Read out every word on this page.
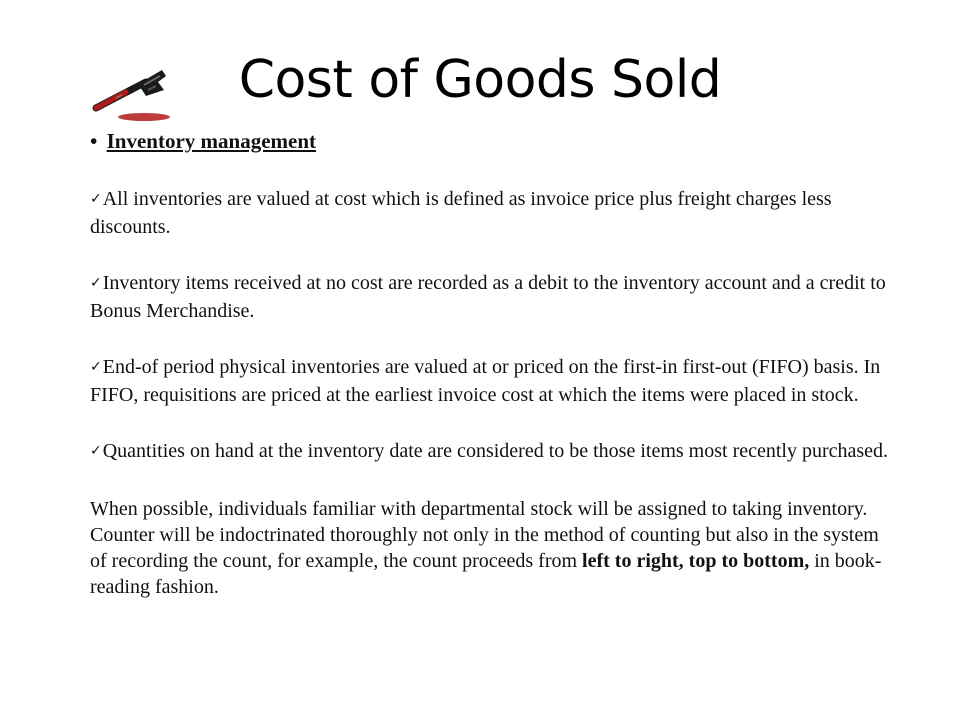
Cost of Goods Sold
• Inventory management

✓All inventories are valued at cost which is defined as invoice price plus freight charges less discounts.

✓Inventory items received at no cost are recorded as a debit to the inventory account and a credit to Bonus Merchandise.

✓End-of period physical inventories are valued at or priced on the first-in first-out (FIFO) basis. In FIFO, requisitions are priced at the earliest invoice cost at which the items were placed in stock.

✓Quantities on hand at the inventory date are considered to be those items most recently purchased.

When possible, individuals familiar with departmental stock will be assigned to taking inventory. Counter will be indoctrinated thoroughly not only in the method of counting but also in the system of recording the count, for example, the count proceeds from left to right, top to bottom, in book-reading fashion.
